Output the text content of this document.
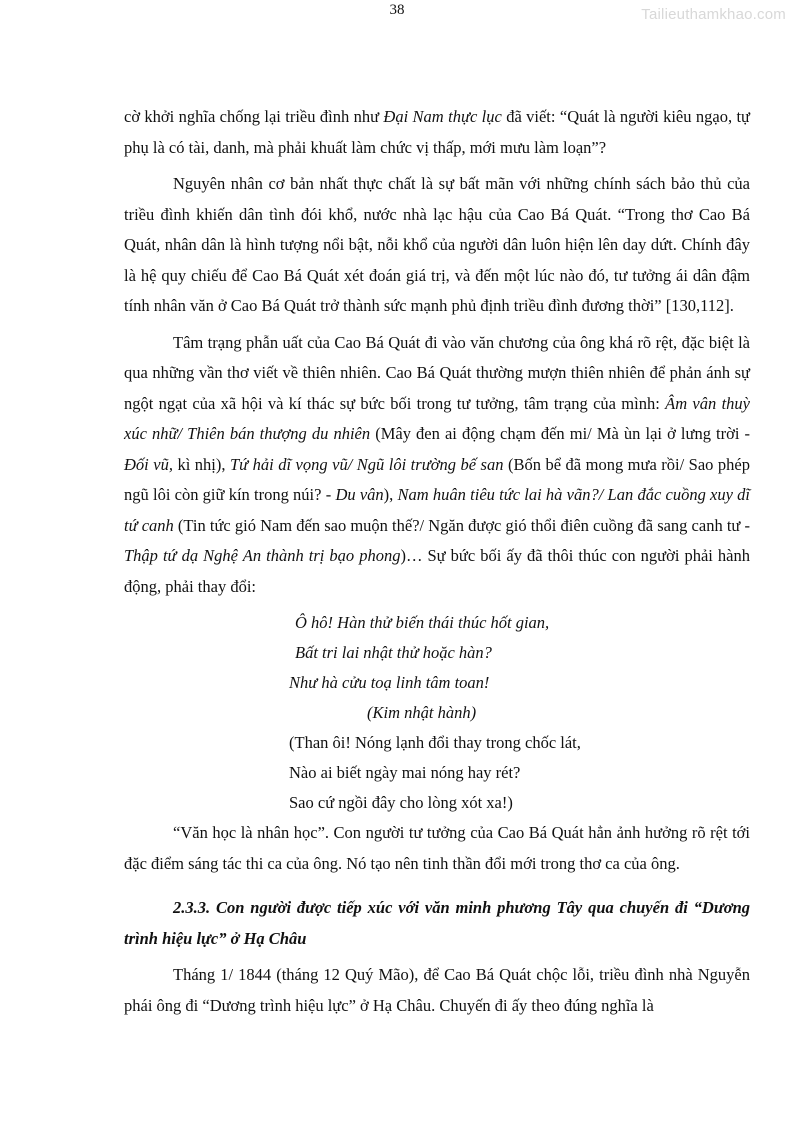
38	Tailieuthamkhao.com

cờ khởi nghĩa chống lại triều đình như Đại Nam thực lục đã viết: “Quát là người kiêu ngạo, tự phụ là có tài, danh, mà phải khuất làm chức vị thấp, mới mưu làm loạn”?

Nguyên nhân cơ bản nhất thực chất là sự bất mãn với những chính sách bảo thủ của triều đình khiến dân tình đói khổ, nước nhà lạc hậu của Cao Bá Quát. “Trong thơ Cao Bá Quát, nhân dân là hình tượng nổi bật, nỗi khổ của người dân luôn hiện lên day dứt. Chính đây là hệ quy chiếu để Cao Bá Quát xét đoán giá trị, và đến một lúc nào đó, tư tưởng ái dân đậm tính nhân văn ở Cao Bá Quát trở thành sức mạnh phủ định triều đình đương thời” [130,112].

Tâm trạng phẫn uất của Cao Bá Quát đi vào văn chương của ông khá rõ rệt, đặc biệt là qua những vần thơ viết về thiên nhiên. Cao Bá Quát thường mượn thiên nhiên để phản ánh sự ngột ngạt của xã hội và kí thác sự bức bối trong tư tưởng, tâm trạng của mình: Âm vân thuỳ xúc nhữ/ Thiên bán thượng du nhiên (Mây đen ai động chạm đến mi/ Mà ùn lại ở lưng trời - Đối vũ, kì nhị), Tứ hải dĩ vọng vũ/ Ngũ lôi trường bế san (Bốn bể đã mong mưa rồi/ Sao phép ngũ lôi còn giữ kín trong núi? - Du vân), Nam huân tiêu tức lai hà vãn?/ Lan đắc cuồng xuy dĩ tứ canh (Tin tức gió Nam đến sao muộn thế?/ Ngăn được gió thổi điên cuồng đã sang canh tư - Thập tứ dạ Nghệ An thành trị bạo phong)… Sự bức bối ấy đã thôi thúc con người phải hành động, phải thay đổi:

Ô hô! Hàn thử biến thái thúc hốt gian,
Bất tri lai nhật thử hoặc hàn?
Như hà cửu toạ linh tâm toan!
(Kim nhật hành)
(Than ôi! Nóng lạnh đổi thay trong chốc lát,
Nào ai biết ngày mai nóng hay rét?
Sao cứ ngồi đây cho lòng xót xa!)

“Văn học là nhân học”. Con người tư tưởng của Cao Bá Quát hẳn ảnh hưởng rõ rệt tới đặc điểm sáng tác thi ca của ông. Nó tạo nên tinh thần đổi mới trong thơ ca của ông.

2.3.3. Con người được tiếp xúc với văn minh phương Tây qua chuyến đi “Dương trình hiệu lực” ở Hạ Châu

Tháng 1/ 1844 (tháng 12 Quý Mão), để Cao Bá Quát chộc lỗi, triều đình nhà Nguyễn phái ông đi “Dương trình hiệu lực” ở Hạ Châu. Chuyến đi ấy theo đúng nghĩa là
